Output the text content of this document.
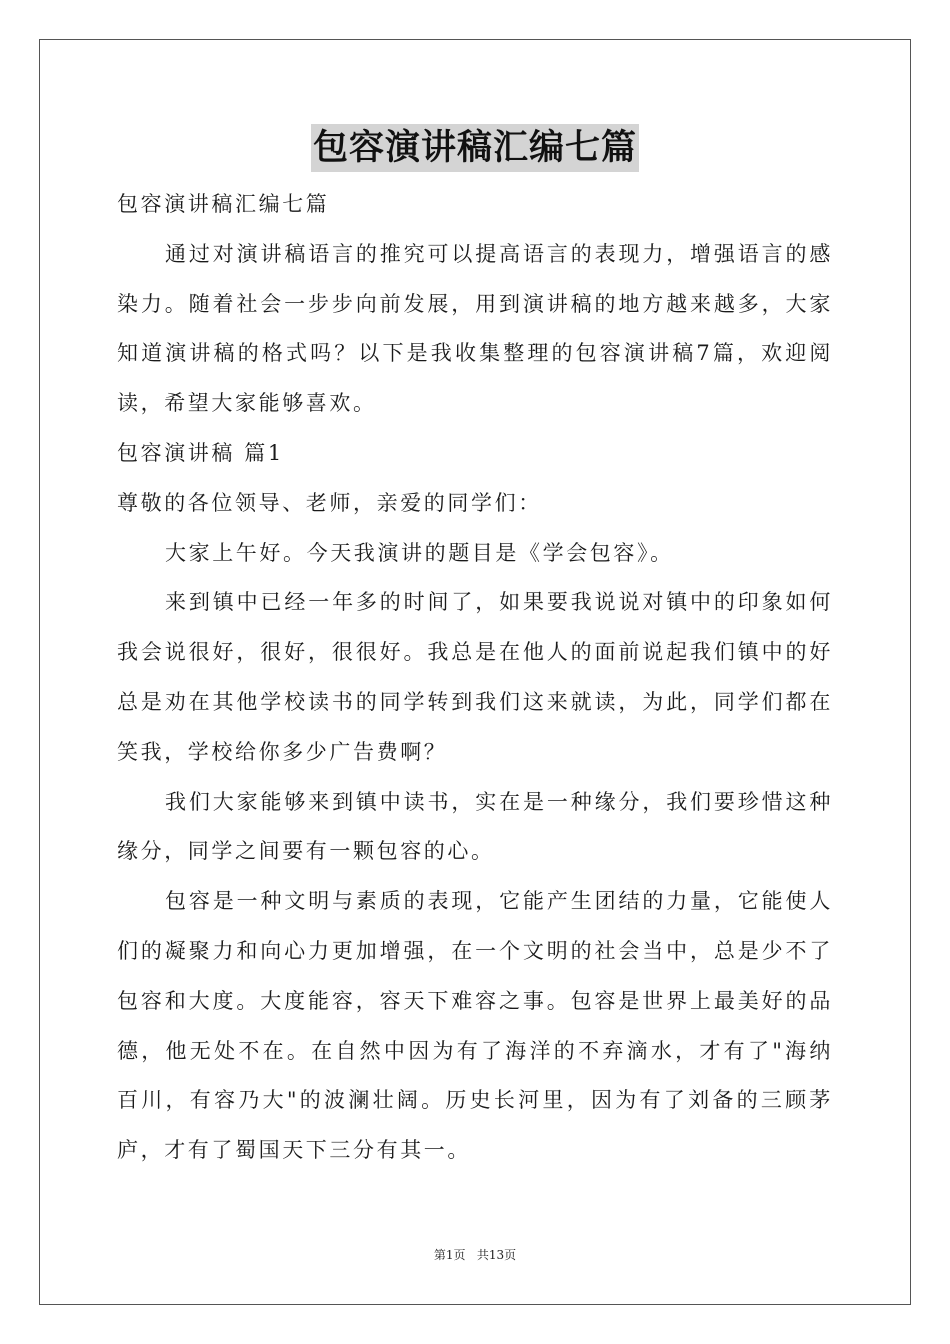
包容演讲稿汇编七篇

包容演讲稿汇编七篇

通过对演讲稿语言的推究可以提高语言的表现力，增强语言的感染力。随着社会一步步向前发展，用到演讲稿的地方越来越多，大家知道演讲稿的格式吗？以下是我收集整理的包容演讲稿7篇，欢迎阅读，希望大家能够喜欢。

包容演讲稿 篇1

尊敬的各位领导、老师，亲爱的同学们：

大家上午好。今天我演讲的题目是《学会包容》。

来到镇中已经一年多的时间了，如果要我说说对镇中的印象如何我会说很好，很好，很很好。我总是在他人的面前说起我们镇中的好总是劝在其他学校读书的同学转到我们这来就读，为此，同学们都在笑我，学校给你多少广告费啊？

我们大家能够来到镇中读书，实在是一种缘分，我们要珍惜这种缘分，同学之间要有一颗包容的心。

包容是一种文明与素质的表现，它能产生团结的力量，它能使人们的凝聚力和向心力更加增强，在一个文明的社会当中，总是少不了包容和大度。大度能容，容天下难容之事。包容是世界上最美好的品德，他无处不在。在自然中因为有了海洋的不弃滴水，才有了"海纳百川，有容乃大"的波澜壮阔。历史长河里，因为有了刘备的三顾茅庐，才有了蜀国天下三分有其一。

第1页 共13页
